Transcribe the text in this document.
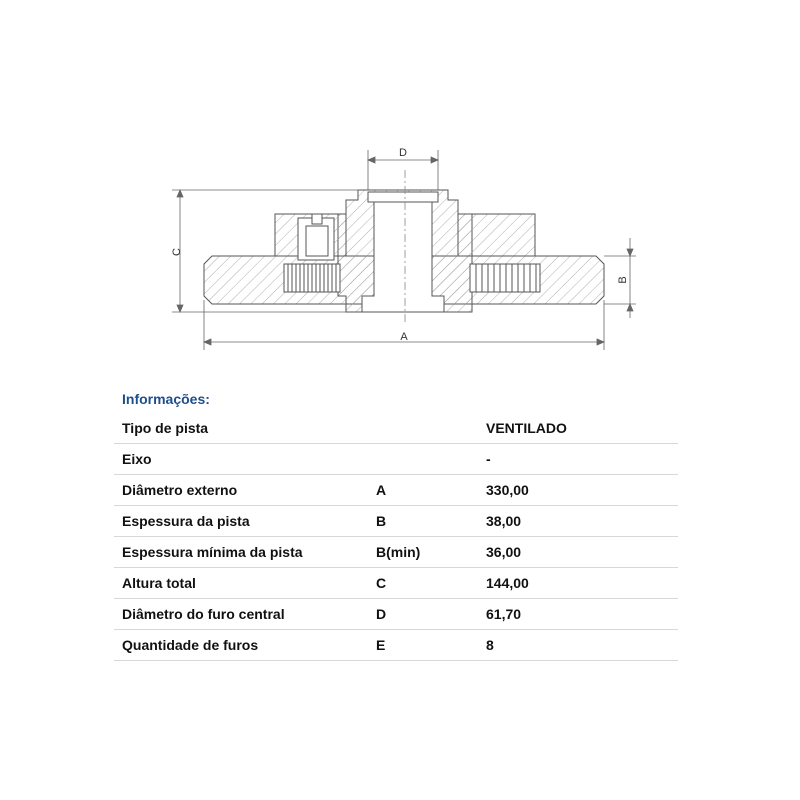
D
C
B
A
Informações:
Tipo de pista		VENTILADO
Eixo		-
Diâmetro externo	A	330,00
Espessura da pista	B	38,00
Espessura mínima da pista	B(min)	36,00
Altura total	C	144,00
Diâmetro do furo central	D	61,70
Quantidade de furos	E	8
